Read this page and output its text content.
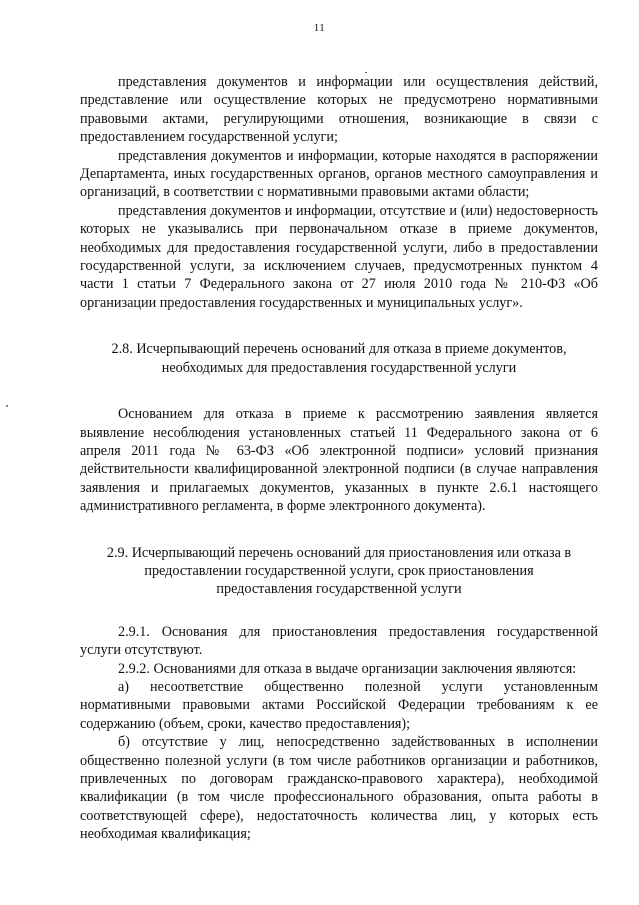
11

представления документов и информации или осуществления действий, представление или осуществление которых не предусмотрено нормативными правовыми актами, регулирующими отношения, возникающие в связи с предоставлением государственной услуги;

представления документов и информации, которые находятся в распоряжении Департамента, иных государственных органов, органов местного самоуправления и организаций, в соответствии с нормативными правовыми актами области;

представления документов и информации, отсутствие и (или) недостоверность которых не указывались при первоначальном отказе в приеме документов, необходимых для предоставления государственной услуги, либо в предоставлении государственной услуги, за исключением случаев, предусмотренных пунктом 4 части 1 статьи 7 Федерального закона от 27 июля 2010 года № 210-ФЗ «Об организации предоставления государственных и муниципальных услуг».

2.8. Исчерпывающий перечень оснований для отказа в приеме документов,
необходимых для предоставления государственной услуги

Основанием для отказа в приеме к рассмотрению заявления является выявление несоблюдения установленных статьей 11 Федерального закона от 6 апреля 2011 года № 63-ФЗ «Об электронной подписи» условий признания действительности квалифицированной электронной подписи (в случае направления заявления и прилагаемых документов, указанных в пункте 2.6.1 настоящего административного регламента, в форме электронного документа).

2.9. Исчерпывающий перечень оснований для приостановления или отказа в
предоставлении государственной услуги, срок приостановления
предоставления государственной услуги

2.9.1. Основания для приостановления предоставления государственной услуги отсутствуют.

2.9.2. Основаниями для отказа в выдаче организации заключения являются:

а) несоответствие общественно полезной услуги установленным нормативными правовыми актами Российской Федерации требованиям к ее содержанию (объем, сроки, качество предоставления);

б) отсутствие у лиц, непосредственно задействованных в исполнении общественно полезной услуги (в том числе работников организации и работников, привлеченных по договорам гражданско-правового характера), необходимой квалификации (в том числе профессионального образования, опыта работы в соответствующей сфере), недостаточность количества лиц, у которых есть необходимая квалификация;
